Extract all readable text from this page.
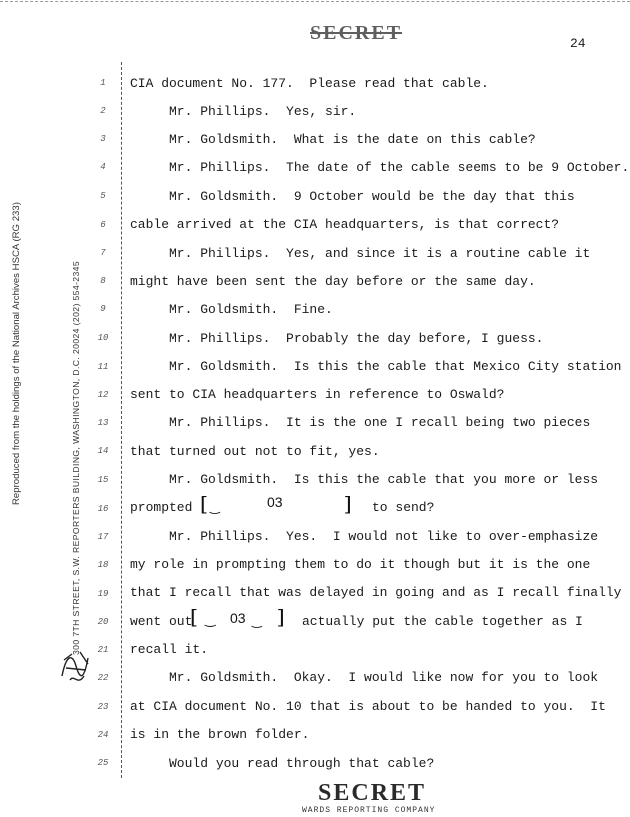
SECRET	24
Reproduced from the holdings of the National Archives HSCA (RG 233)	300 7TH STREET, S.W. REPORTERS BUILDING, WASHINGTON, D.C. 20024 (202) 554-2345
1
2
3
4
5
6
7
8
9
10
11
12
13
14
15
16
17
18
19
20
21
22
23
24
25
CIA document No. 177.  Please read that cable.
Mr. Phillips.  Yes, sir.
Mr. Goldsmith.  What is the date on this cable?
Mr. Phillips.  The date of the cable seems to be 9 October.
Mr. Goldsmith.  9 October would be the day that this
cable arrived at the CIA headquarters, is that correct?
Mr. Phillips.  Yes, and since it is a routine cable it
might have been sent the day before or the same day.
Mr. Goldsmith.  Fine.
Mr. Phillips.  Probably the day before, I guess.
Mr. Goldsmith.  Is this the cable that Mexico City station
sent to CIA headquarters in reference to Oswald?
Mr. Phillips.  It is the one I recall being two pieces
that turned out not to fit, yes.
Mr. Goldsmith.  Is this the cable that you more or less
prompted [ ‿	03	] to send?
Mr. Phillips.  Yes.  I would not like to over-emphasize
my role in prompting them to do it though but it is the one
that I recall that was delayed in going and as I recall finally
went out
[ ‿ 03 ‿ ] actually put the cable together as I
recall it.
Mr. Goldsmith.  Okay.  I would like now for you to look
at CIA document No. 10 that is about to be handed to you.  It
is in the brown folder.
Would you read through that cable?
SECRET
WARDS REPORTING COMPANY
